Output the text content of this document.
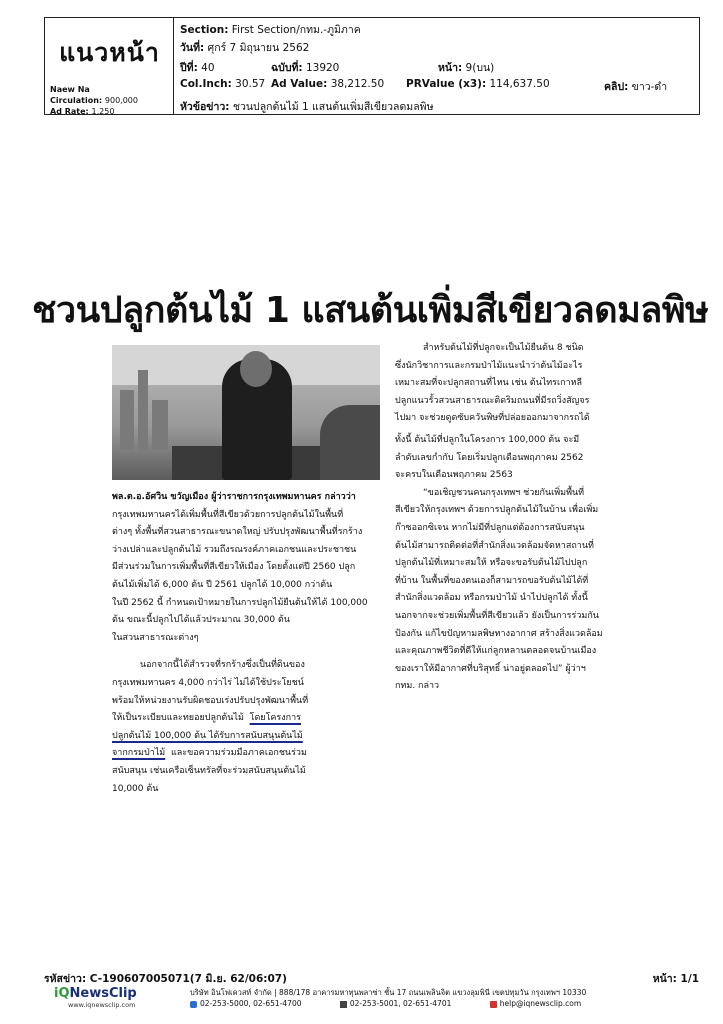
แนวหน้า
Naew Na
Circulation: 900,000
Ad Rate: 1,250
Section: First Section/กทม.-ภูมิภาค
วันที่: ศุกร์ 7 มิถุนายน 2562
ปีที่: 40	ฉบับที่: 13920	หน้า: 9(บน)
Col.Inch: 30.57 Ad Value: 38,212.50 PRValue (x3): 114,637.50	คลิป: ขาว-ดำ
หัวข้อข่าว: ชวนปลูกต้นไม้ 1 แสนต้นเพิ่มสีเขียวลดมลพิษ
ชวนปลูกต้นไม้ 1 แสนต้นเพิ่มสีเขียวลดมลพิษ

พล.ต.อ.อัศวิน ขวัญเมือง ผู้ว่าราชการกรุงเทพมหานคร กล่าวว่า

กรุงเทพมหานครได้เพิ่มพื้นที่สีเขียวด้วยการปลูกต้นไม้ในพื้นที่

ต่างๆ ทั้งพื้นที่สวนสาธารณะขนาดใหญ่ ปรับปรุงพัฒนาพื้นที่รกร้าง

ว่างเปล่าและปลูกต้นไม้ รวมถึงรณรงค์ภาคเอกชนและประชาชน

มีส่วนร่วมในการเพิ่มพื้นที่สีเขียวให้เมือง โดยตั้งแต่ปี 2560 ปลูก

ต้นไม้เพิ่มได้ 6,000 ต้น ปี 2561 ปลูกได้ 10,000 กว่าต้น

ในปี 2562 นี้ กำหนดเป้าหมายในการปลูกไม้ยืนต้นให้ได้ 100,000

ต้น ขณะนี้ปลูกไปได้แล้วประมาณ 30,000 ต้น

ในสวนสาธารณะต่างๆ

นอกจากนี้ได้สำรวจที่รกร้างซึ่งเป็นที่ดินของ

กรุงเทพมหานคร 4,000 กว่าไร่ ไม่ได้ใช้ประโยชน์

พร้อมให้หน่วยงานรับผิดชอบเร่งปรับปรุงพัฒนาพื้นที่

ให้เป็นระเบียบและทยอยปลูกต้นไม้ โดยโครงการ

ปลูกต้นไม้ 100,000 ต้น ได้รับการสนับสนุนต้นไม้

จากกรมป่าไม้ และขอความร่วมมือภาคเอกชนร่วม

สนับสนุน เช่นเครือเซ็นทรัลที่จะร่วมสนับสนุนต้นไม้

10,000 ต้น

สำหรับต้นไม้ที่ปลูกจะเป็นไม้ยืนต้น 8 ชนิด

ซึ่งนักวิชาการและกรมป่าไม้แนะนำว่าต้นไม้อะไร

เหมาะสมที่จะปลูกสถานที่ไหน เช่น ต้นไทรเกาหลี

ปลูกแนวรั้วสวนสาธารณะติดริมถนนที่มีรถวิ่งสัญจร

ไปมา จะช่วยดูดซับควันพิษที่ปล่อยออกมาจากรถได้

ทั้งนี้ ต้นไม้ที่ปลูกในโครงการ 100,000 ต้น จะมี

ลำดับเลขกำกับ โดยเริ่มปลูกเดือนพฤภาคม 2562

จะครบในเดือนพฤภาคม 2563

“ขอเชิญชวนคนกรุงเทพฯ ช่วยกันเพิ่มพื้นที่

สีเขียวให้กรุงเทพฯ ด้วยการปลูกต้นไม้ในบ้าน เพื่อเพิ่ม

ก๊าซออกซิเจน หากไม่มีที่ปลูกแต่ต้องการสนับสนุน

ต้นไม้สามารถติดต่อที่สำนักสิ่งแวดล้อมจัดหาสถานที่

ปลูกต้นไม้ที่เหมาะสมให้ หรือจะขอรับต้นไม้ไปปลูก

ที่บ้าน ในพื้นที่ของตนเองก็สามารถขอรับต้นไม้ได้ที่

สำนักสิ่งแวดล้อม หรือกรมป่าไม้ นำไปปลูกได้ ทั้งนี้

นอกจากจะช่วยเพิ่มพื้นที่สีเขียวแล้ว ยังเป็นการร่วมกัน

ป้องกัน แก้ไขปัญหามลพิษทางอากาศ สร้างสิ่งแวดล้อม

และคุณภาพชีวิตที่ดีให้แก่ลูกหลานตลอดจนบ้านเมือง

ของเราให้มีอากาศที่บริสุทธิ์ น่าอยู่ตลอดไป” ผู้ว่าฯ

กทม. กล่าว

รหัสข่าว: C-190607005071(7 มิ.ย. 62/06:07)	หน้า: 1/1
iQNewsClip
www.iqnewsclip.com
บริษัท อินโฟเควสท์ จำกัด | 888/178 อาคารมหาทุนพลาซ่า ชั้น 17 ถนนเพลินจิต แขวงลุมพินี เขตปทุมวัน กรุงเทพฯ 10330
02-253-5000, 02-651-4700	02-253-5001, 02-651-4701	help@iqnewsclip.com
